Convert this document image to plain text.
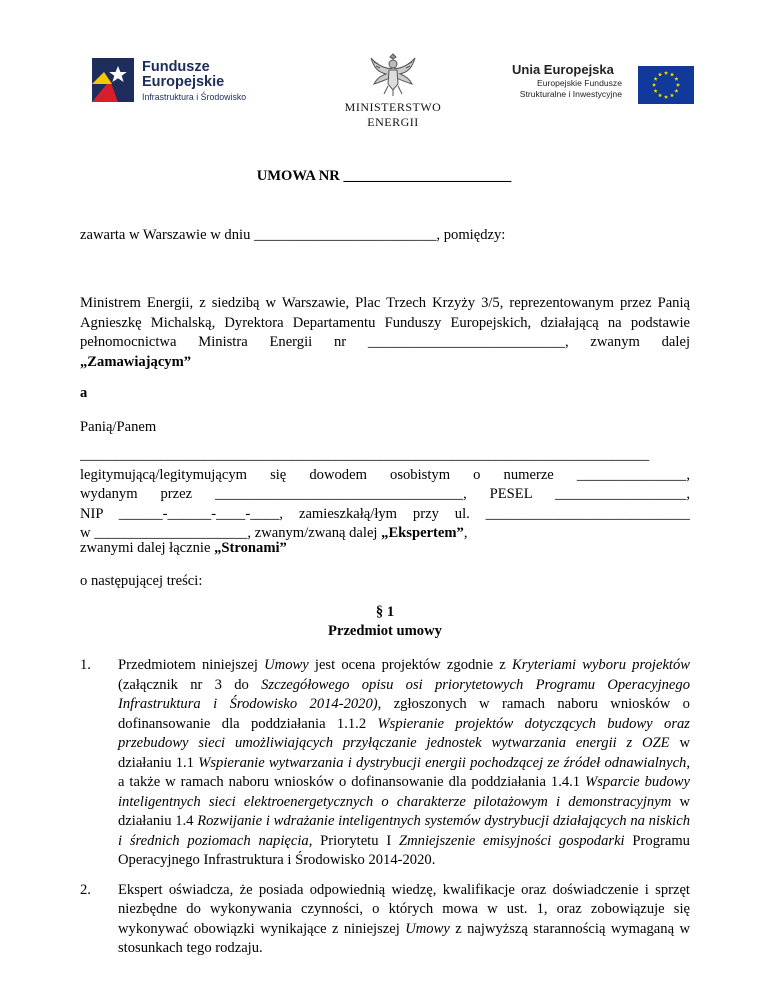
Fundusze
Europejskie
Infrastruktura i Środowisko
MINISTERSTWO ENERGII
Unia Europejska
Europejskie Fundusze
Strukturalne i Inwestycyjne
UMOWA NR _______________________
zawarta w Warszawie w dniu _________________________, pomiędzy:
Ministrem Energii, z siedzibą w Warszawie, Plac Trzech Krzyży 3/5, reprezentowanym przez Panią Agnieszkę Michalską, Dyrektora Departamentu Funduszy Europejskich, działającą na podstawie pełnomocnictwa Ministra Energii nr ___________________________, zwanym dalej „Zamawiającym”
a
Panią/Panem
______________________________________________________________________________
legitymującą/legitymującym się dowodem osobistym o numerze _______________,
wydanym przez __________________________________, PESEL __________________,
NIP ______-______-____-____, zamieszkałą/łym przy ul. ____________________________
w _____________________, zwanym/zwaną dalej „Ekspertem”,
zwanymi dalej łącznie „Stronami”
o następującej treści:
§ 1
Przedmiot umowy
1. Przedmiotem niniejszej Umowy jest ocena projektów zgodnie z Kryteriami wyboru projektów (załącznik nr 3 do Szczegółowego opisu osi priorytetowych Programu Operacyjnego Infrastruktura i Środowisko 2014-2020), zgłoszonych w ramach naboru wniosków o dofinansowanie dla poddziałania 1.1.2 Wspieranie projektów dotyczących budowy oraz przebudowy sieci umożliwiających przyłączanie jednostek wytwarzania energii z OZE w działaniu 1.1 Wspieranie wytwarzania i dystrybucji energii pochodzącej ze źródeł odnawialnych, a także w ramach naboru wniosków o dofinansowanie dla poddziałania 1.4.1 Wsparcie budowy inteligentnych sieci elektroenergetycznych o charakterze pilotażowym i demonstracyjnym w działaniu 1.4 Rozwijanie i wdrażanie inteligentnych systemów dystrybucji działających na niskich i średnich poziomach napięcia, Priorytetu I Zmniejszenie emisyjności gospodarki Programu Operacyjnego Infrastruktura i Środowisko 2014-2020.
2. Ekspert oświadcza, że posiada odpowiednią wiedzę, kwalifikacje oraz doświadczenie i sprzęt niezbędne do wykonywania czynności, o których mowa w ust. 1, oraz zobowiązuje się wykonywać obowiązki wynikające z niniejszej Umowy z najwyższą starannością wymaganą w stosunkach tego rodzaju.
